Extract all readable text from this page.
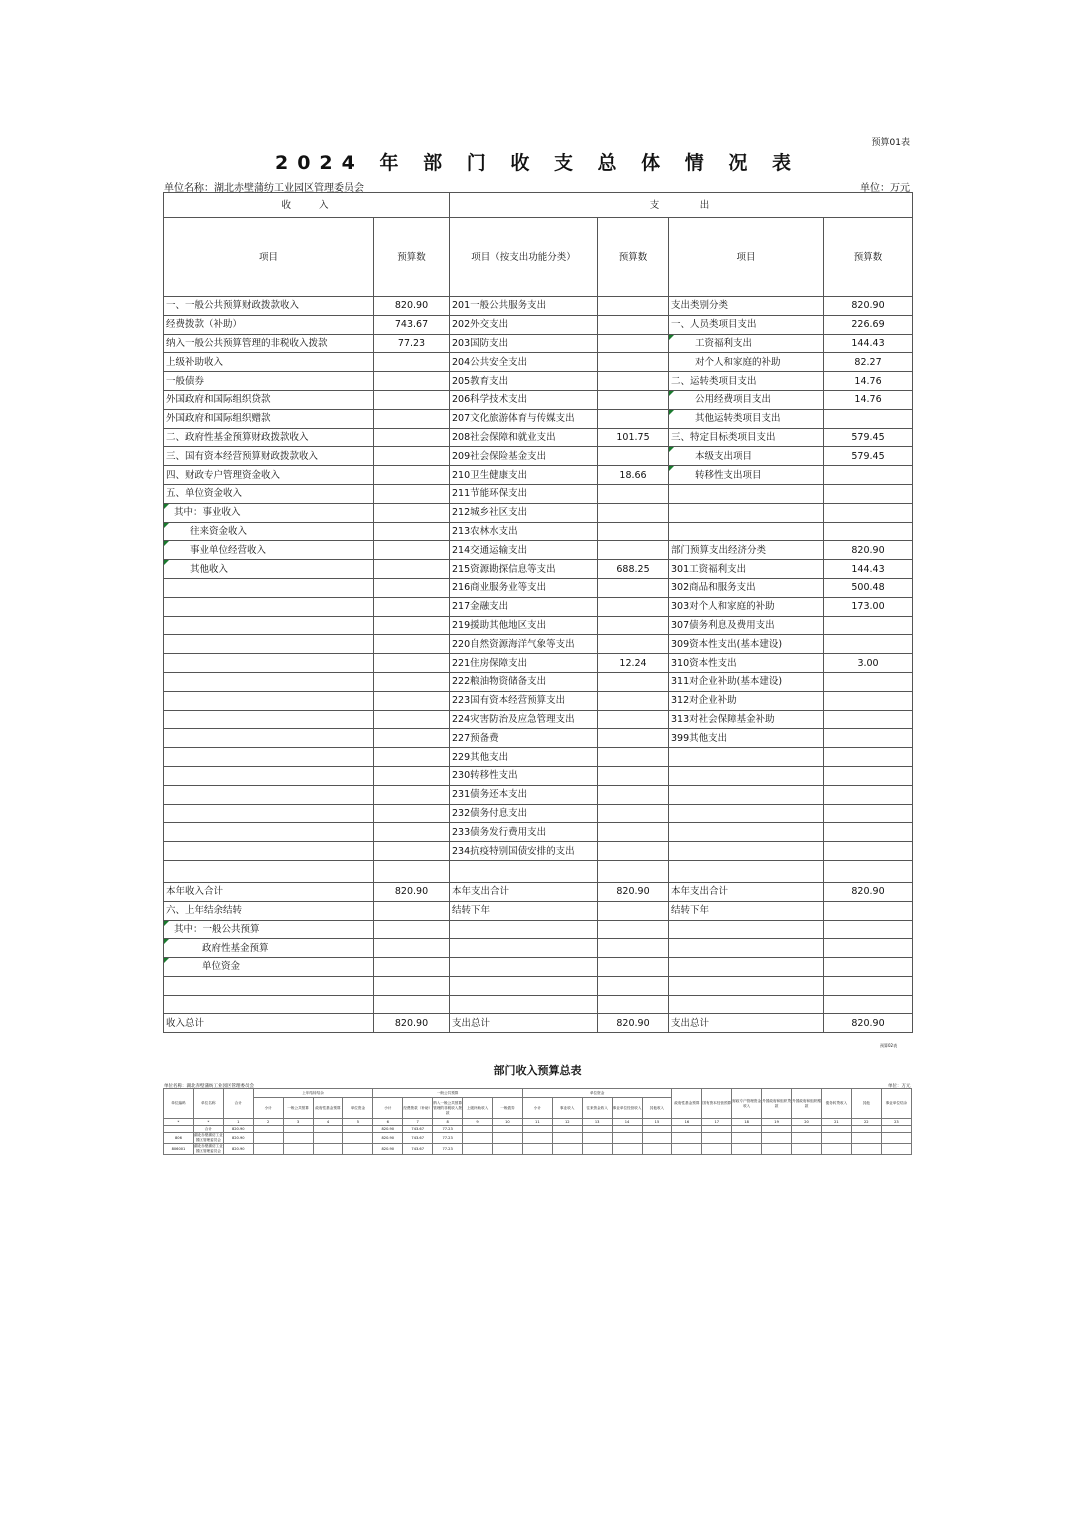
预算01表
2024 年 部 门 收 支 总 体 情 况 表
单位名称：湖北赤壁蒲纺工业园区管理委员会	单位：万元
收　　入		支　　　出			
项目	预算数	项目（按支出功能分类）	预算数	项目	预算数
一、一般公共预算财政拨款收入	820.90	201一般公共服务支出		支出类别分类	820.90
经费拨款（补助）	743.67	202外交支出		一、人员类项目支出	226.69
纳入一般公共预算管理的非税收入拨款	77.23	203国防支出		工资福利支出	144.43
上级补助收入		204公共安全支出		对个人和家庭的补助	82.27
一般债券		205教育支出		二、运转类项目支出	14.76
外国政府和国际组织贷款		206科学技术支出		公用经费项目支出	14.76
外国政府和国际组织赠款		207文化旅游体育与传媒支出		其他运转类项目支出	
二、政府性基金预算财政拨款收入		208社会保障和就业支出	101.75	三、特定目标类项目支出	579.45
三、国有资本经营预算财政拨款收入		209社会保险基金支出		本级支出项目	579.45
四、财政专户管理资金收入		210卫生健康支出	18.66	转移性支出项目	
五、单位资金收入		211节能环保支出			
其中：事业收入		212城乡社区支出			
往来资金收入		213农林水支出			
事业单位经营收入		214交通运输支出		部门预算支出经济分类	820.90
其他收入		215资源勘探信息等支出	688.25	301工资福利支出	144.43
		216商业服务业等支出		302商品和服务支出	500.48
		217金融支出		303对个人和家庭的补助	173.00
		219援助其他地区支出		307债务利息及费用支出	
		220自然资源海洋气象等支出		309资本性支出(基本建设)	
		221住房保障支出	12.24	310资本性支出	3.00
		222粮油物资储备支出		311对企业补助(基本建设)	
		223国有资本经营预算支出		312对企业补助	
		224灾害防治及应急管理支出		313对社会保障基金补助	
		227预备费		399其他支出	
		229其他支出			
		230转移性支出			
		231债务还本支出			
		232债务付息支出			
		233债务发行费用支出			
		234抗疫特别国债安排的支出			

本年收入合计	820.90	本年支出合计	820.90	本年支出合计	820.90
六、上年结余结转		结转下年		结转下年	
其中：一般公共预算					
政府性基金预算					
单位资金					

收入总计	820.90	支出总计	820.90	支出总计	820.90
预算02表
部门收入预算总表
单位名称：湖北赤壁蒲纺工业园区管理委员会	单位：万元
单位编码	单位名称	合计	上年结转结余				一般公共预算					单位资金					政府性基金预算	国有资本经营预算	财政专户管理资金收入	外国政府和组织贷款	外国政府和组织赠款	债务转贷收入	其他	事业单位结余
			小计	一般公共预算	政府性基金预算	单位资金	小计	经费拨款（补助）	纳入一般公共预算管理的非税收入拨款	上级补助收入	一般债券	小计	事业收入	往来资金收入	事业单位经营收入	其他收入								
*	*	1	2	3	4	5	6	7	8	9	10	11	12	13	14	15	16	17	18	19	20	21	22	23
	合计	820.90					820.90	743.67	77.23															
806	湖北赤壁蒲纺工业园区管理委员会	820.90					820.90	743.67	77.23															
806001	湖北赤壁蒲纺工业园区管理委员会	820.90					820.90	743.67	77.23															
